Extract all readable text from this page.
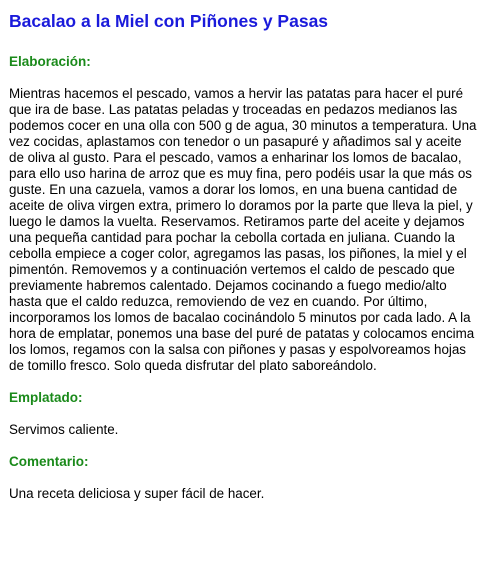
Bacalao a la Miel con Piñones y Pasas
Elaboración:

Mientras hacemos el pescado, vamos a hervir las patatas para hacer el puré que ira de base. Las patatas peladas y troceadas en pedazos medianos las podemos cocer en una olla con 500 g de agua, 30 minutos a temperatura. Una vez cocidas, aplastamos con tenedor o un pasapuré y añadimos sal y aceite de oliva al gusto. Para el pescado, vamos a enharinar los lomos de bacalao, para ello uso harina de arroz que es muy fina, pero podéis usar la que más os guste. En una cazuela, vamos a dorar los lomos, en una buena cantidad de aceite de oliva virgen extra, primero lo doramos por la parte que lleva la piel, y luego le damos la vuelta. Reservamos. Retiramos parte del aceite y dejamos una pequeña cantidad para pochar la cebolla cortada en juliana. Cuando la cebolla empiece a coger color, agregamos las pasas, los piñones, la miel y el pimentón. Removemos y a continuación vertemos el caldo de pescado que previamente habremos calentado. Dejamos cocinando a fuego medio/alto hasta que el caldo reduzca, removiendo de vez en cuando. Por último, incorporamos los lomos de bacalao cocinándolo 5 minutos por cada lado. A la hora de emplatar, ponemos una base del puré de patatas y colocamos encima los lomos, regamos con la salsa con piñones y pasas y espolvoreamos hojas de tomillo fresco. Solo queda disfrutar del plato saboreándolo.

Emplatado:

Servimos caliente.

Comentario:

Una receta deliciosa y super fácil de hacer.
